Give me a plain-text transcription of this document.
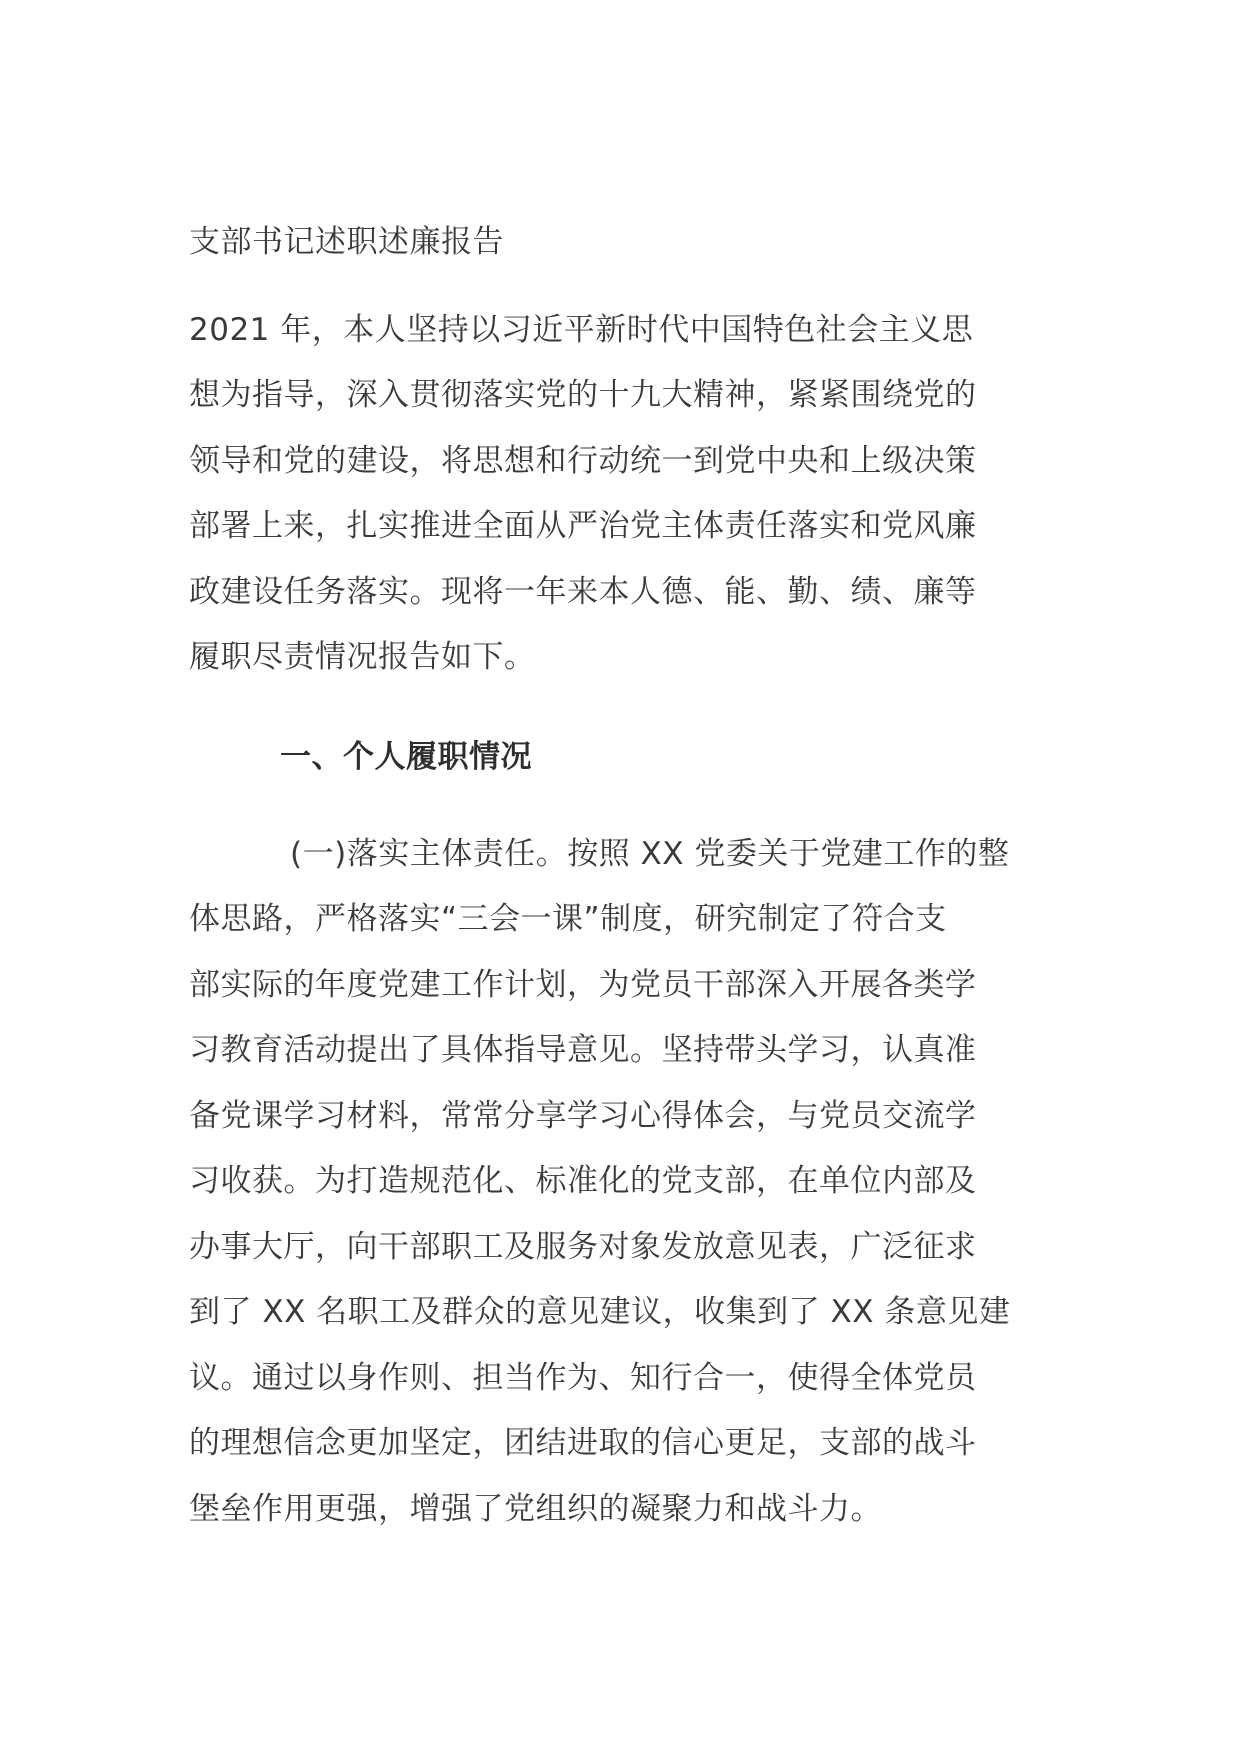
支部书记述职述廉报告
2021 年，本人坚持以习近平新时代中国特色社会主义思
想为指导，深入贯彻落实党的十九大精神，紧紧围绕党的
领导和党的建设，将思想和行动统一到党中央和上级决策
部署上来，扎实推进全面从严治党主体责任落实和党风廉
政建设任务落实。现将一年来本人德、能、勤、绩、廉等
履职尽责情况报告如下。
一、个人履职情况
(一)落实主体责任。按照 XX 党委关于党建工作的整
体思路，严格落实“三会一课”制度，研究制定了符合支
部实际的年度党建工作计划，为党员干部深入开展各类学
习教育活动提出了具体指导意见。坚持带头学习，认真准
备党课学习材料，常常分享学习心得体会，与党员交流学
习收获。为打造规范化、标准化的党支部，在单位内部及
办事大厅，向干部职工及服务对象发放意见表，广泛征求
到了 XX 名职工及群众的意见建议，收集到了 XX 条意见建
议。通过以身作则、担当作为、知行合一，使得全体党员
的理想信念更加坚定，团结进取的信心更足，支部的战斗
堡垒作用更强，增强了党组织的凝聚力和战斗力。
